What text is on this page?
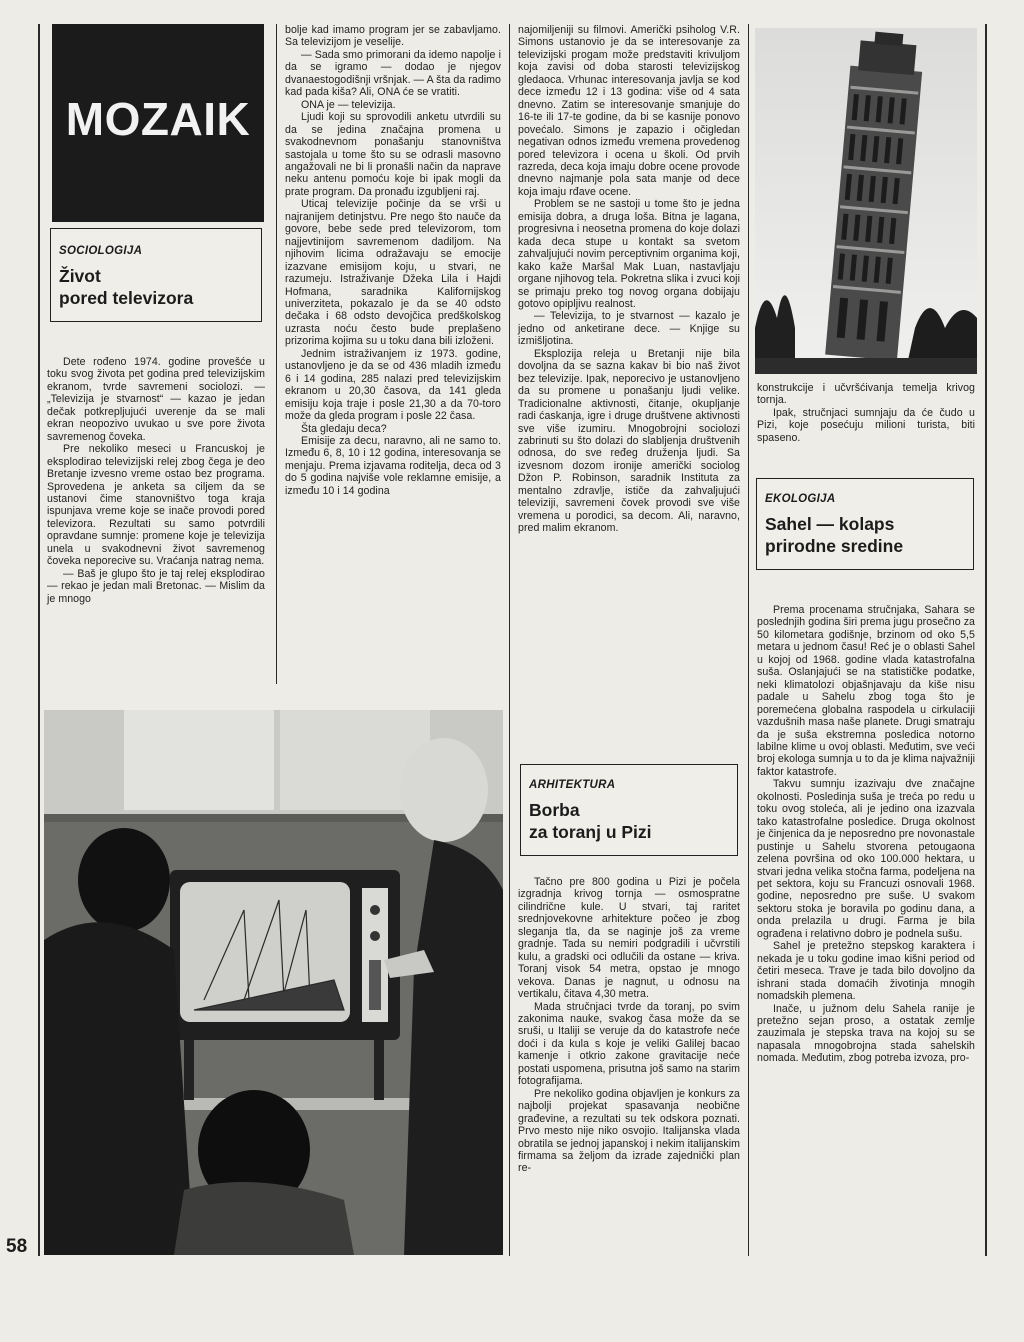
MOZAIK
SOCIOLOGIJA
Život
pored televizora

Dete rođeno 1974. godine provešće u toku svog života pet godina pred televizijskim ekranom, tvrde savremeni sociolozi. — „Televizija je stvarnost“ — kazao je jedan dečak potkrepljujući uverenje da se mali ekran neopozivo uvukao u sve pore života savremenog čoveka.

Pre nekoliko meseci u Francuskoj je eksplodirao televizijski relej zbog čega je deo Bretanje izvesno vreme ostao bez programa. Sprovedena je anketa sa ciljem da se ustanovi čime stanovništvo toga kraja ispunjava vreme koje se inače provodi pored televizora. Rezultati su samo potvrdili opravdane sumnje: promene koje je televizija unela u svakodnevni život savremenog čoveka neporecive su. Vraćanja natrag nema.

— Baš je glupo što je taj relej eksplodirao — rekao je jedan mali Bretonac. — Mislim da je mnogo

bolje kad imamo program jer se zabavljamo. Sa televizijom je veselije.

— Sada smo primorani da idemo napolje i da se igramo — dodao je njegov dvanaestogodišnji vršnjak. — A šta da radimo kad pada kiša? Ali, ONA će se vratiti.

ONA je — televizija.

Ljudi koji su sprovodili anketu utvrdili su da se jedina značajna promena u svakodnevnom ponašanju stanovništva sastojala u tome što su se odrasli masovno angažovali ne bi li pronašli način da naprave neku antenu pomoću koje bi ipak mogli da prate program. Da pronađu izgubljeni raj.

Uticaj televizije počinje da se vrši u najranijem detinjstvu. Pre nego što nauče da govore, bebe sede pred televizorom, tom najjevtinijom savremenom dadiljom. Na njihovim licima odražavaju se emocije izazvane emisijom koju, u stvari, ne razumeju. Istraživanje Džeka Lila i Hajdi Hofmana, saradnika Kalifornijskog univerziteta, pokazalo je da se 40 odsto dečaka i 68 odsto devojčica predškolskog uzrasta noću često bude preplašeno prizorima kojima su u toku dana bili izloženi.

Jednim istraživanjem iz 1973. godine, ustanovljeno je da se od 436 mladih između 6 i 14 godina, 285 nalazi pred televizijskim ekranom u 20,30 časova, da 141 gleda emisiju koja traje i posle 21,30 a da 70-toro može da gleda program i posle 22 časa.

Šta gledaju deca?

Emisije za decu, naravno, ali ne samo to. Između 6, 8, 10 i 12 godina, interesovanja se menjaju. Prema izjavama roditelja, deca od 3 do 5 godina najviše vole reklamne emisije, a između 10 i 14 godina

najomiljeniji su filmovi. Američki psiholog V.R. Simons ustanovio je da se interesovanje za televizijski progam može predstaviti krivuljom koja zavisi od doba starosti televizijskog gledaoca. Vrhunac interesovanja javlja se kod dece između 12 i 13 godina: više od 4 sata dnevno. Zatim se interesovanje smanjuje do 16-te ili 17-te godine, da bi se kasnije ponovo povećalo. Simons je zapazio i očigledan negativan odnos između vremena provedenog pored televizora i ocena u školi. Od prvih razreda, deca koja imaju dobre ocene provode dnevno najmanje pola sata manje od dece koja imaju rđave ocene.

Problem se ne sastoji u tome što je jedna emisija dobra, a druga loša. Bitna je lagana, progresivna i neosetna promena do koje dolazi kada deca stupe u kontakt sa svetom zahvaljujući novim perceptivnim organima koji, kako kaže Maršal Mak Luan, nastavljaju organe njihovog tela. Pokretna slika i zvuci koji se primaju preko tog novog organa dobijaju gotovo opipljivu realnost.

— Televizija, to je stvarnost — kazalo je jedno od anketirane dece. — Knjige su izmišljotina.

Eksplozija releja u Bretanji nije bila dovoljna da se sazna kakav bi bio naš život bez televizije. Ipak, neporecivo je ustanovljeno da su promene u ponašanju ljudi velike. Tradicionalne aktivnosti, čitanje, okupljanje radi ćaskanja, igre i druge društvene aktivnosti sve više izumiru. Mnogobrojni sociolozi zabrinuti su što dolazi do slabljenja društvenih odnosa, do sve ređeg druženja ljudi. Sa izvesnom dozom ironije američki sociolog Džon P. Robinson, saradnik Instituta za mentalno zdravlje, ističe da zahvaljujući televiziji, savremeni čovek provodi sve više vremena u porodici, sa decom. Ali, naravno, pred malim ekranom.

ARHITEKTURA
Borba
za toranj u Pizi

Tačno pre 800 godina u Pizi je počela izgradnja krivog tornja — osmospratne cilindrične kule. U stvari, taj raritet srednjovekovne arhitekture počeo je zbog sleganja tla, da se naginje još za vreme gradnje. Tada su nemiri podgradili i učvrstili kulu, a gradski oci odlučili da ostane — kriva. Toranj visok 54 metra, opstao je mnogo vekova. Danas je nagnut, u odnosu na vertikalu, čitava 4,30 metra.

Mada stručnjaci tvrde da toranj, po svim zakonima nauke, svakog časa može da se sruši, u Italiji se veruje da do katastrofe neće doći i da kula s koje je veliki Galilej bacao kamenje i otkrio zakone gravitacije neće postati uspomena, prisutna još samo na starim fotografijama.

Pre nekoliko godina objavljen je konkurs za najbolji projekat spasavanja neobične građevine, a rezultati su tek odskora poznati. Prvo mesto nije niko osvojio. Italijanska vlada obratila se jednoj japanskoj i nekim italijanskim firmama sa željom da izrade zajednički plan re-

konstrukcije i učvršćivanja temelja krivog tornja.

Ipak, stručnjaci sumnjaju da će čudo u Pizi, koje posećuju milioni turista, biti spaseno.

EKOLOGIJA
Sahel — kolaps
prirodne sredine

Prema procenama stručnjaka, Sahara se poslednjih godina širi prema jugu prosečno za 50 kilometara godišnje, brzinom od oko 5,5 metara u jednom času! Reć je o oblasti Sahel u kojoj od 1968. godine vlada katastrofalna suša. Oslanjajući se na statističke podatke, neki klimatolozi objašnjavaju da kiše nisu padale u Sahelu zbog toga što je poremećena globalna raspodela u cirkulaciji vazdušnih masa naše planete. Drugi smatraju da je suša ekstremna posledica notorno labilne klime u ovoj oblasti. Međutim, sve veći broj ekologa sumnja u to da je klima najvažniji faktor katastrofe.

Takvu sumnju izazivaju dve značajne okolnosti. Posledinja suša je treća po redu u toku ovog stoleća, ali je jedino ona izazvala tako katastrofalne posledice. Druga okolnost je činjenica da je neposredno pre novonastale pustinje u Sahelu stvorena petougaona zelena površina od oko 100.000 hektara, u stvari jedna velika stočna farma, podeljena na pet sektora, koju su Francuzi osnovali 1968. godine, neposredno pre suše. U svakom sektoru stoka je boravila po godinu dana, a onda prelazila u drugi. Farma je bila ograđena i relativno dobro je podnela sušu.

Sahel je pretežno stepskog karaktera i nekada je u toku godine imao kišni period od četiri meseca. Trave je tada bilo dovoljno da ishrani stada domaćih životinja mnogih nomadskih plemena.

Inače, u južnom delu Sahela ranije je pretežno sejan proso, a ostatak zemlje zauzimala je stepska trava na kojoj su se napasala mnogobrojna stada sahelskih nomada. Međutim, zbog potreba izvoza, pro-

58
